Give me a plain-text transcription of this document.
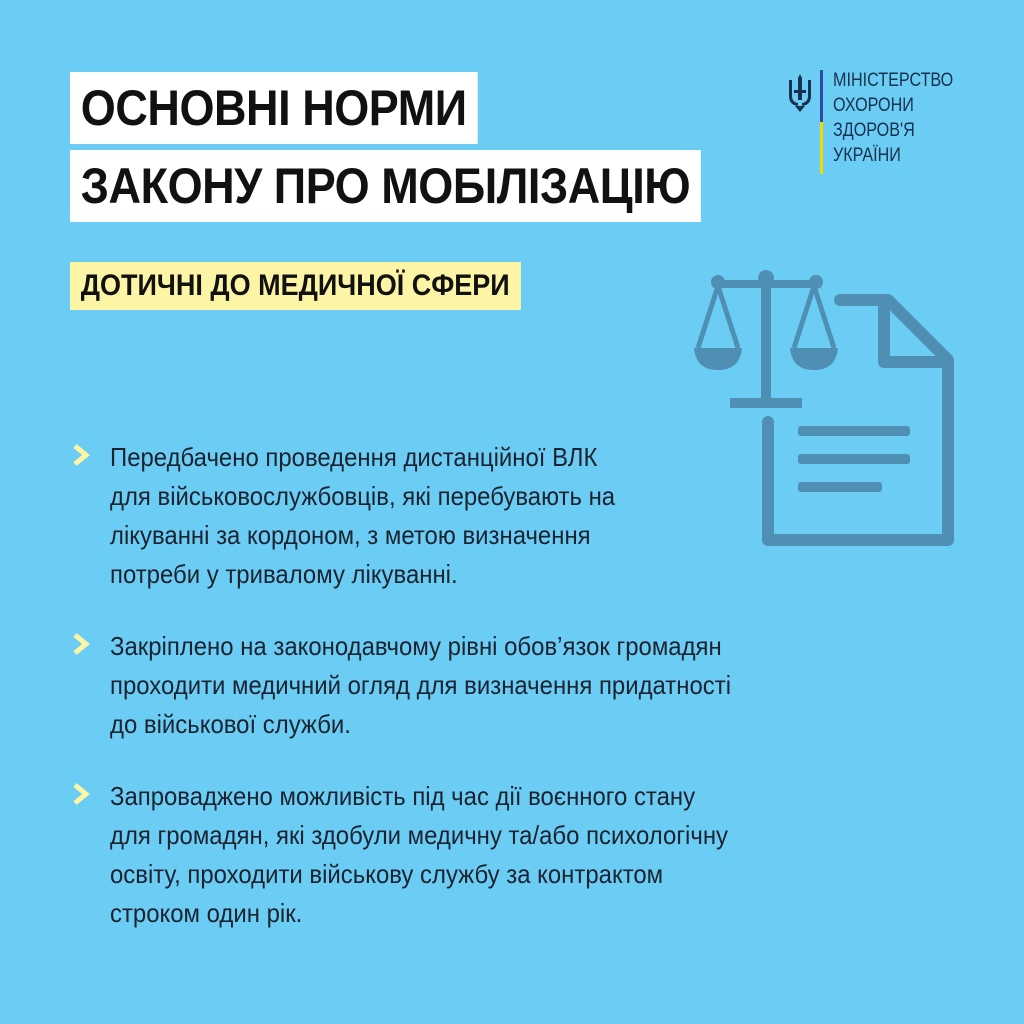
ОСНОВНІ НОРМИ
ЗАКОНУ ПРО МОБІЛІЗАЦІЮ
ДОТИЧНІ ДО МЕДИЧНОЇ СФЕРИ
МІНІСТЕРСТВО
ОХОРОНИ
ЗДОРОВ'Я
УКРАЇНИ
Передбачено проведення дистанційної ВЛК
для військовослужбовців, які перебувають на
лікуванні за кордоном, з метою визначення
потреби у тривалому лікуванні.
Закріплено на законодавчому рівні обов’язок громадян
проходити медичний огляд для визначення придатності
до військової служби.
Запроваджено можливість під час дії воєнного стану
для громадян, які здобули медичну та/або психологічну
освіту, проходити військову службу за контрактом
строком один рік.
